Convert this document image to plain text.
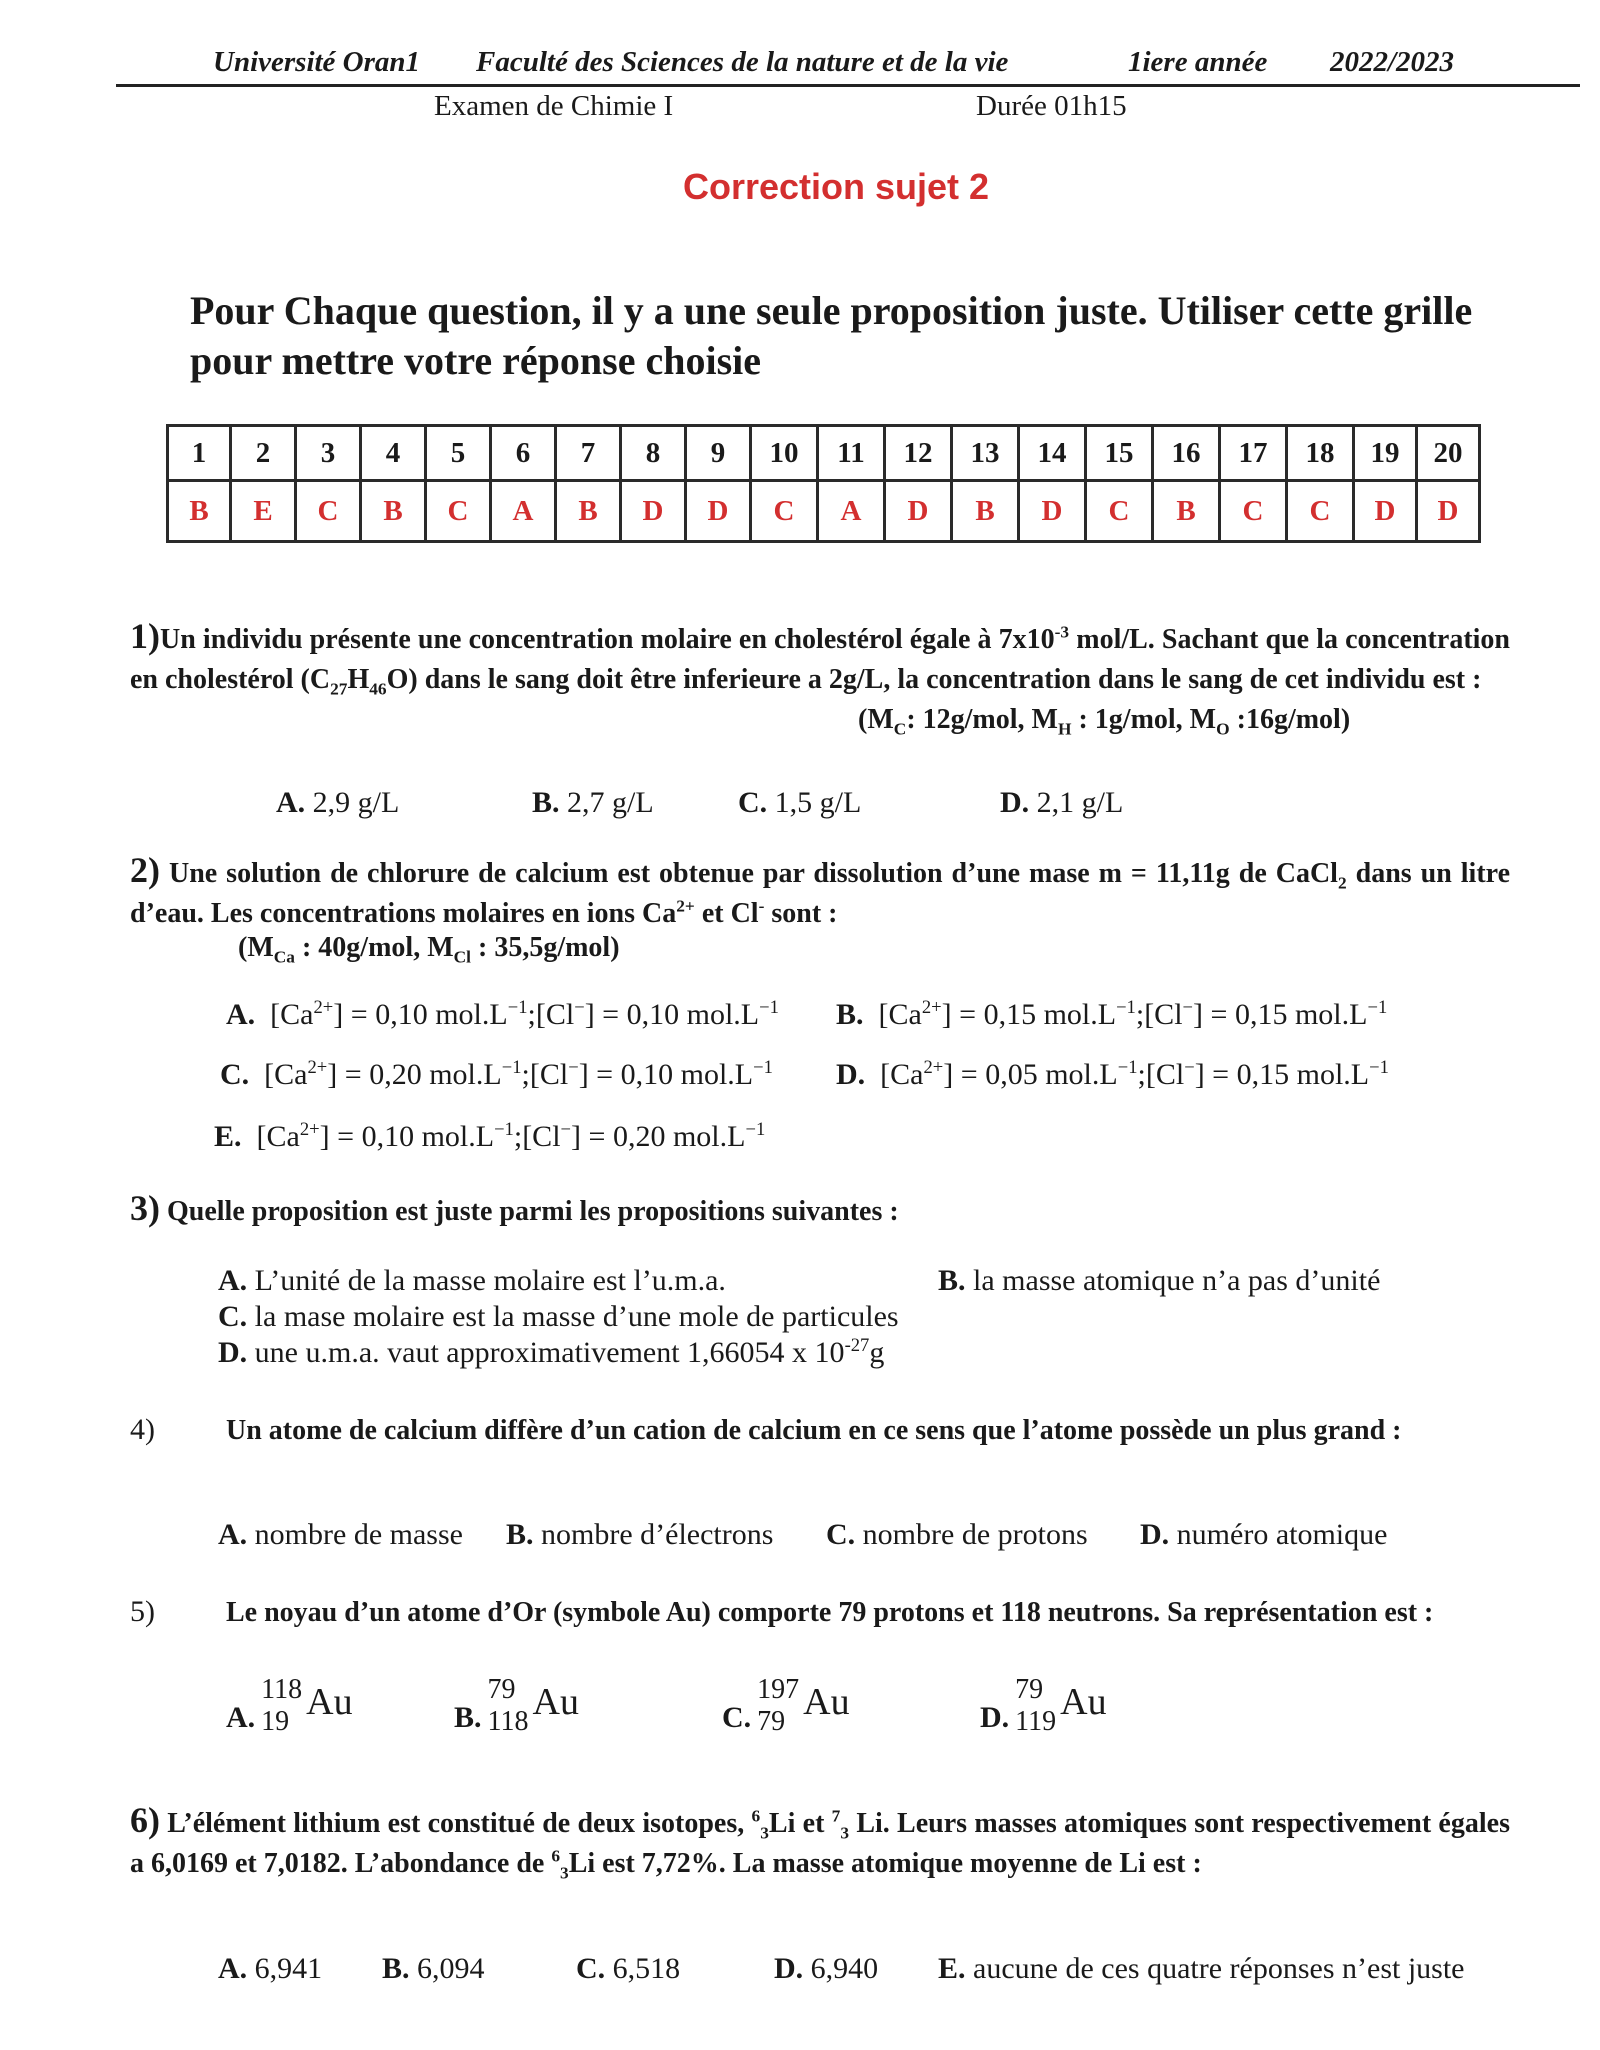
Université Oran1 Faculté des Sciences de la nature et de la vie	1iere année 2022/2023
Examen de Chimie I	Durée 01h15
Correction sujet 2
Pour Chaque question, il y a une seule proposition juste. Utiliser cette grille pour mettre votre réponse choisie
1	2	3	4	5	6	7	8	9	10	11	12	13	14	15	16	17	18	19	20
B	E	C	B	C	A	B	D	D	C	A	D	B	D	C	B	C	C	D	D

1)Un individu présente une concentration molaire en cholestérol égale à $7x10^{-3}$ mol/L. Sachant que la concentration en cholestérol $(C_{27}H_{46}O)$ dans le sang doit être inferieure a 2g/L, la concentration dans le sang de cet individu est :

($M_C$: 12g/mol, $M_H$ : 1g/mol, $M_O$ :16g/mol)
A. 2,9 g/L	B. 2,7 g/L	C. 1,5 g/L	D. 2,1 g/L

2) Une solution de chlorure de calcium est obtenue par dissolution d’une mase m = 11,11g de CaCl$_2$ dans un litre d’eau. Les concentrations molaires en ions $Ca^{2+}$ et Cl- sont :

($M_{Ca}$ : 40g/mol, $M_{Cl}$ : 35,5g/mol)
A.  $[Ca^{2+}] = 0,10$ $mol.L^{-1};[Cl^-] = 0,10$ $mol.L^{-1}$ B.  $[Ca^{2+}] = 0,15$ $mol.L^{-1};[Cl^-] = 0,15$ $mol.L^{-1}$
C.  $[Ca^{2+}] = 0,20$ $mol.L^{-1};[Cl^-] = 0,10$ $mol.L^{-1}$ D.  $[Ca^{2+}] = 0,05$ $mol.L^{-1};[Cl^-] = 0,15$ $mol.L^{-1}$
E.  $[Ca^{2+}] = 0,10$ $mol.L^{-1};[Cl^-] = 0,20$ $mol.L^{-1}$
3) Quelle proposition est juste parmi les propositions suivantes :
A. L’unité de la masse molaire est l’u.m.a.	B. la masse atomique n’a pas d’unité
C. la mase molaire est la masse d’une mole de particules
D. une u.m.a. vaut approximativement 1,66054 x $10^{-27}g$

4)	Un atome de calcium diffère d’un cation de calcium en ce sens que l’atome possède un plus grand :

A. nombre de masse B. nombre d’électrons C. nombre de protons D. numéro atomique

5)	Le noyau d’un atome d’Or (symbole Au) comporte 79 protons et 118 neutrons. Sa représentation est :

A.
118
19 Au	B.
79
118 Au	C.
197
79 Au	D.
79
119 Au

6) L’élément lithium est constitué de deux isotopes, $^6_3$Li et $^7_3$ Li. Leurs masses atomiques sont respectivement égales a 6,0169 et 7,0182. L’abondance de $^6_3$Li est 7,72%. La masse atomique moyenne de Li est :

A. 6,941 B. 6,094	C. 6,518	D. 6,940 E. aucune de ces quatre réponses n’est juste
